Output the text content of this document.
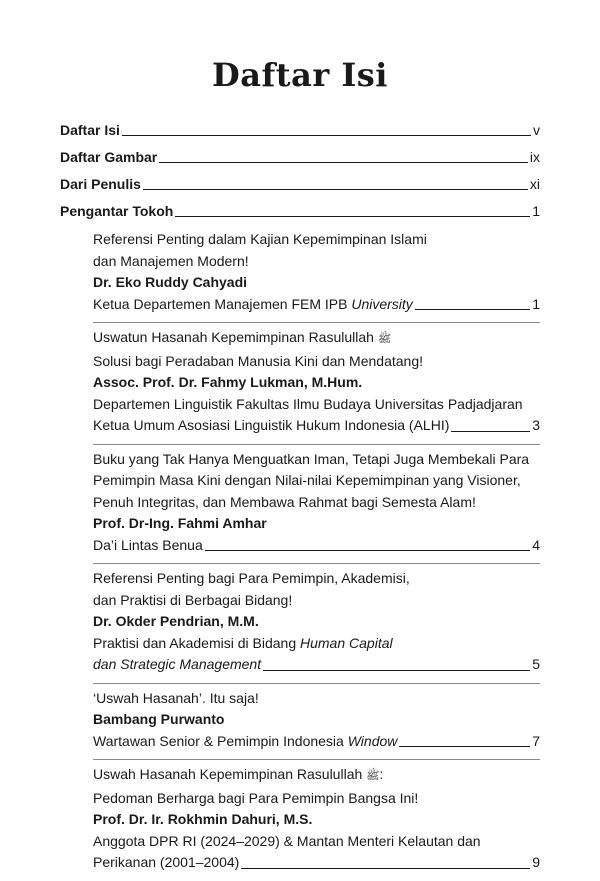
Daftar Isi
Daftar Isi	v
Daftar Gambar	ix
Dari Penulis	xi
Pengantar Tokoh	1
Referensi Penting dalam Kajian Kepemimpinan Islami
dan Manajemen Modern!
Dr. Eko Ruddy Cahyadi
Ketua Departemen Manajemen FEM IPB University	1
Uswatun Hasanah Kepemimpinan Rasulullah ﷺ
Solusi bagi Peradaban Manusia Kini dan Mendatang!
Assoc. Prof. Dr. Fahmy Lukman, M.Hum.
Departemen Linguistik Fakultas Ilmu Budaya Universitas Padjadjaran
Ketua Umum Asosiasi Linguistik Hukum Indonesia (ALHI)	3
Buku yang Tak Hanya Menguatkan Iman, Tetapi Juga Membekali Para
Pemimpin Masa Kini dengan Nilai-nilai Kepemimpinan yang Visioner,
Penuh Integritas, dan Membawa Rahmat bagi Semesta Alam!
Prof. Dr-Ing. Fahmi Amhar
Da’i Lintas Benua	4
Referensi Penting bagi Para Pemimpin, Akademisi,
dan Praktisi di Berbagai Bidang!
Dr. Okder Pendrian, M.M.
Praktisi dan Akademisi di Bidang Human Capital
dan Strategic Management	5
‘Uswah Hasanah’. Itu saja!
Bambang Purwanto
Wartawan Senior & Pemimpin Indonesia Window	7
Uswah Hasanah Kepemimpinan Rasulullah ﷺ:
Pedoman Berharga bagi Para Pemimpin Bangsa Ini!
Prof. Dr. Ir. Rokhmin Dahuri, M.S.
Anggota DPR RI (2024–2029) & Mantan Menteri Kelautan dan
Perikanan (2001–2004)	9
